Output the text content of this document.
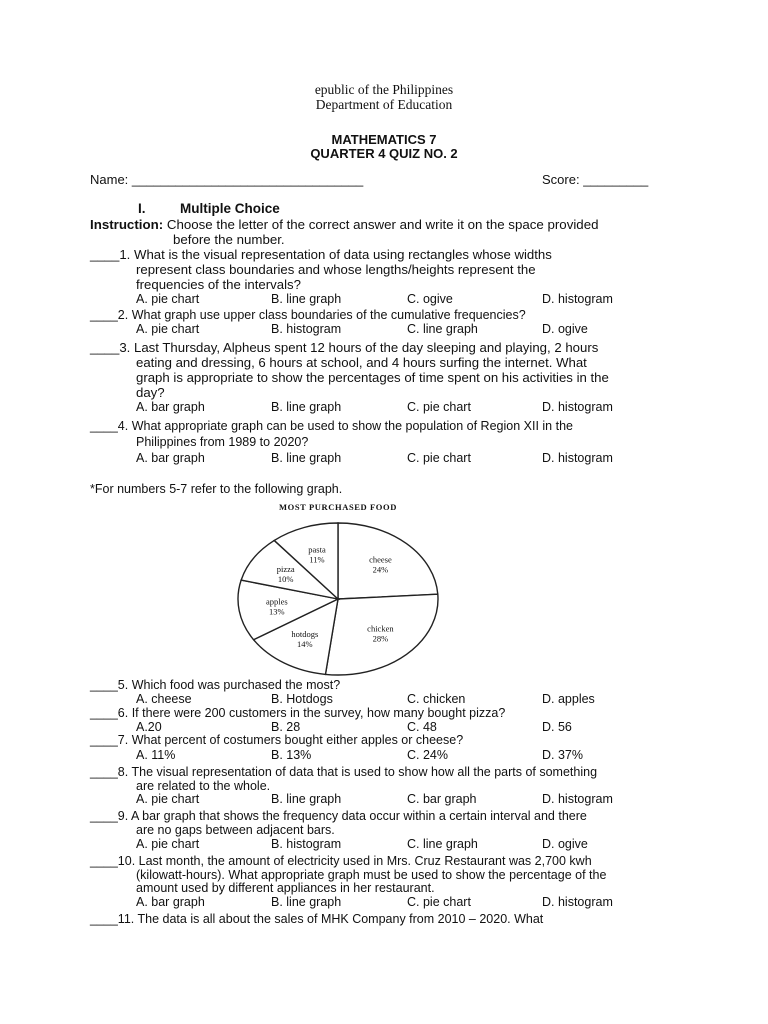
epublic of the Philippines
Department of Education
MATHEMATICS 7
QUARTER 4 QUIZ NO. 2
Name: ________________________________	Score: _________
I.	Multiple Choice
Instruction: Choose the letter of the correct answer and write it on the space provided
before the number.
____1. What is the visual representation of data using rectangles whose widths
represent class boundaries and whose lengths/heights represent the
frequencies of the intervals?
A. pie chart	B. line graph	C. ogive	D. histogram
____2. What graph use upper class boundaries of the cumulative frequencies?
A. pie chart	B. histogram	C. line graph	D. ogive
____3. Last Thursday, Alpheus spent 12 hours of the day sleeping and playing, 2 hours
eating and dressing, 6 hours at school, and 4 hours surfing the internet. What
graph is appropriate to show the percentages of time spent on his activities in the
day?
A. bar graph	B. line graph	C. pie chart	D. histogram
____4. What appropriate graph can be used to show the population of Region XII in the
Philippines from 1989 to 2020?
A. bar graph	B. line graph	C. pie chart	D. histogram
*For numbers 5-7 refer to the following graph.
MOST PURCHASED FOOD
cheese
24%
chicken
28%
hotdogs
14%
apples
13%
pizza
10%
pasta
11%
____5. Which food was purchased the most?
A. cheese	B. Hotdogs	C. chicken	D. apples
____6. If there were 200 customers in the survey, how many bought pizza?
A.20	B. 28	C. 48	D. 56
____7. What percent of costumers bought either apples or cheese?
A. 11%	B. 13%	C. 24%	D. 37%
____8. The visual representation of data that is used to show how all the parts of something
are related to the whole.
A. pie chart	B. line graph	C. bar graph	D. histogram
____9. A bar graph that shows the frequency data occur within a certain interval and there
are no gaps between adjacent bars.
A. pie chart	B. histogram	C. line graph	D. ogive
____10. Last month, the amount of electricity used in Mrs. Cruz Restaurant was 2,700 kwh
(kilowatt-hours). What appropriate graph must be used to show the percentage of the
amount used by different appliances in her restaurant.
A. bar graph	B. line graph	C. pie chart	D. histogram
____11. The data is all about the sales of MHK Company from 2010 – 2020. What
